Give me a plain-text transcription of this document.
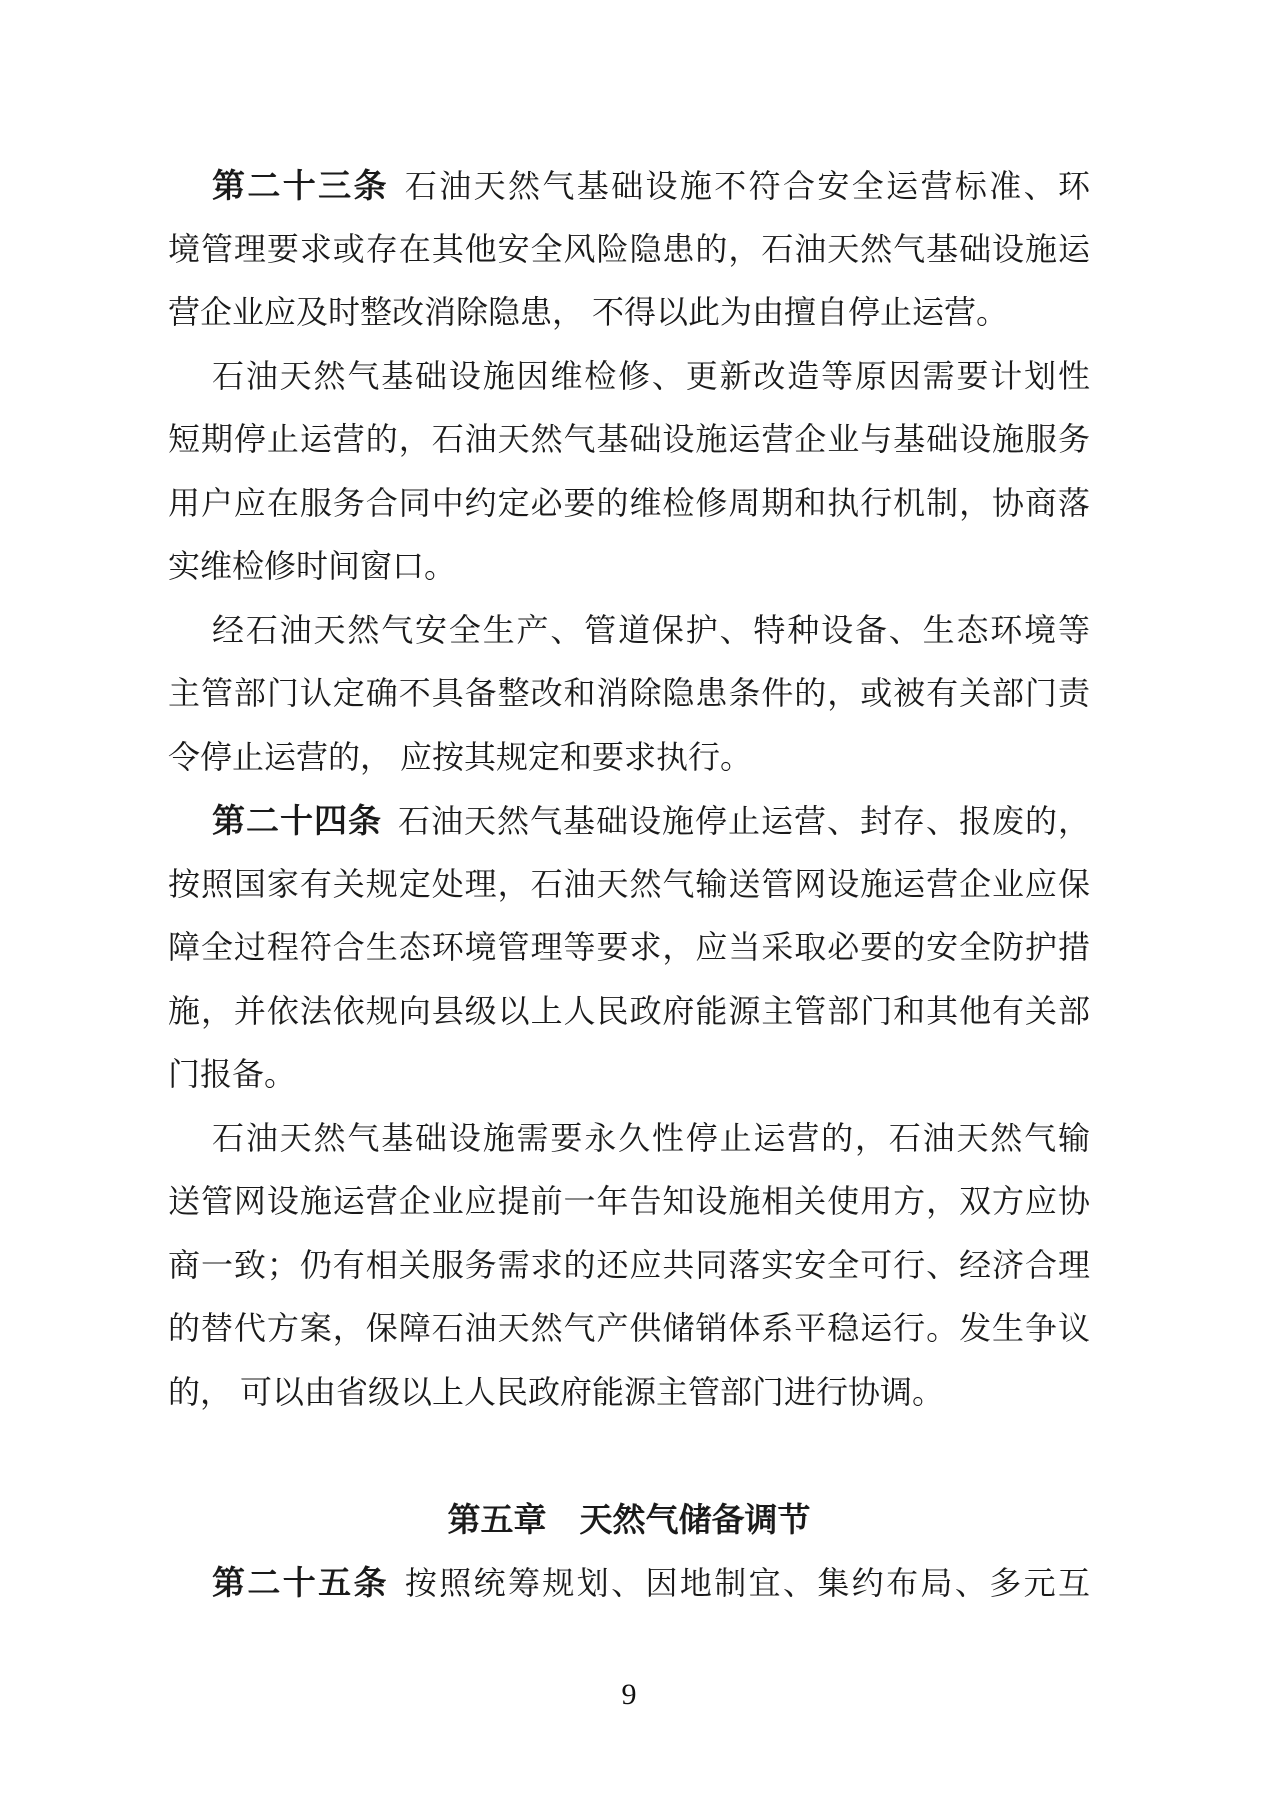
第二十三条 石油天然气基础设施不符合安全运营标准、环
境管理要求或存在其他安全风险隐患的，石油天然气基础设施运
营企业应及时整改消除隐患， 不得以此为由擅自停止运营。
石油天然气基础设施因维检修、更新改造等原因需要计划性
短期停止运营的，石油天然气基础设施运营企业与基础设施服务
用户应在服务合同中约定必要的维检修周期和执行机制，协商落
实维检修时间窗口。
经石油天然气安全生产、管道保护、特种设备、生态环境等
主管部门认定确不具备整改和消除隐患条件的，或被有关部门责
令停止运营的， 应按其规定和要求执行。
第二十四条 石油天然气基础设施停止运营、封存、报废的，
按照国家有关规定处理，石油天然气输送管网设施运营企业应保
障全过程符合生态环境管理等要求，应当采取必要的安全防护措
施，并依法依规向县级以上人民政府能源主管部门和其他有关部
门报备。
石油天然气基础设施需要永久性停止运营的，石油天然气输
送管网设施运营企业应提前一年告知设施相关使用方，双方应协
商一致；仍有相关服务需求的还应共同落实安全可行、经济合理
的替代方案，保障石油天然气产供储销体系平稳运行。发生争议
的， 可以由省级以上人民政府能源主管部门进行协调。
第五章　天然气储备调节
第二十五条 按照统筹规划、因地制宜、集约布局、多元互
9
